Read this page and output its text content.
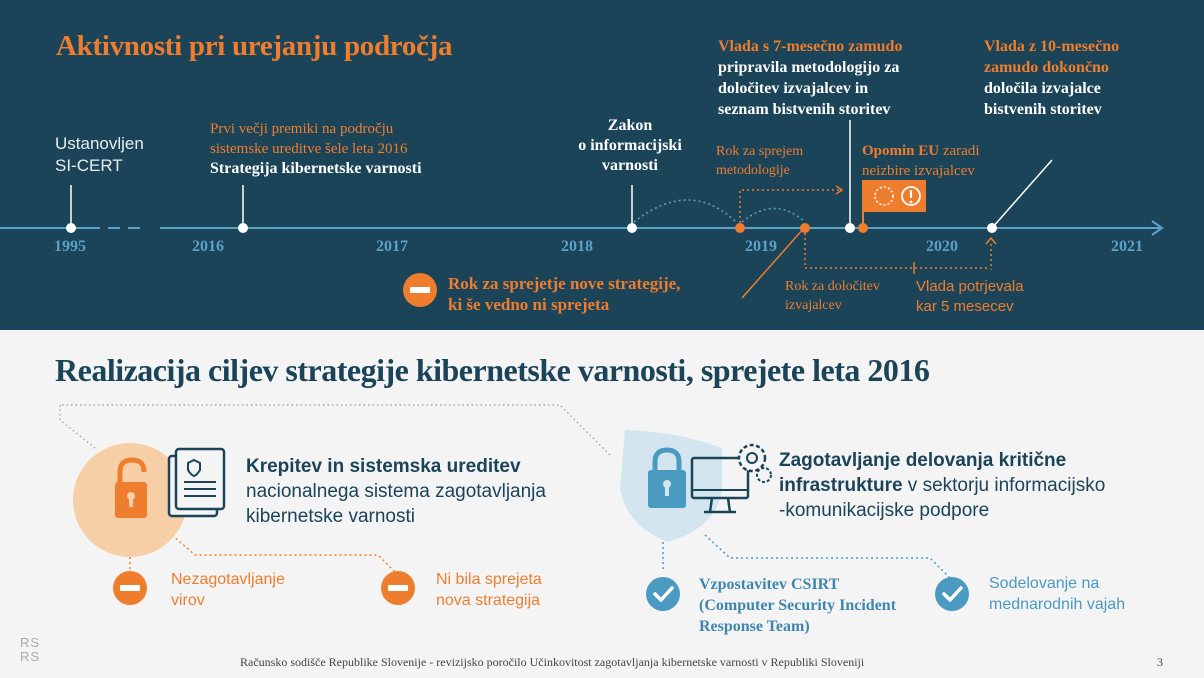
Aktivnosti pri urejanju področja
Ustanovljen
SI-CERT
Prvi večji premiki na področju
sistemske ureditve šele leta 2016
Strategija kibernetske varnosti
Zakon
o informacijski
varnosti
Rok za sprejem
metodologije
Vlada s 7-mesečno zamudo
pripravila metodologijo za
določitev izvajalcev in
seznam bistvenih storitev
Vlada z 10-mesečno
zamudo dokončno
določila izvajalce
bistvenih storitev
Opomin EU zaradi
neizbire izvajalcev
Rok za določitev
izvajalcev
Vlada potrjevala
kar 5 mesecev
Rok za sprejetje nove strategije,
ki še vedno ni sprejeta
1995	2016	2017	2018	2019	2020	2021
Realizacija ciljev strategije kibernetske varnosti, sprejete leta 2016
Krepitev in sistemska ureditev
nacionalnega sistema zagotavljanja
kibernetske varnosti
Nezagotavljanje
virov
Ni bila sprejeta
nova strategija
Zagotavljanje delovanja kritične
infrastrukture v sektorju informacijsko
-komunikacijske podpore
Vzpostavitev CSIRT
(Computer Security Incident
Response Team)
Sodelovanje na
mednarodnih vajah
RS
RS	Računsko sodišče Republike Slovenije - revizijsko poročilo Učinkovitost zagotavljanja kibernetske varnosti v Republiki Sloveniji	3
